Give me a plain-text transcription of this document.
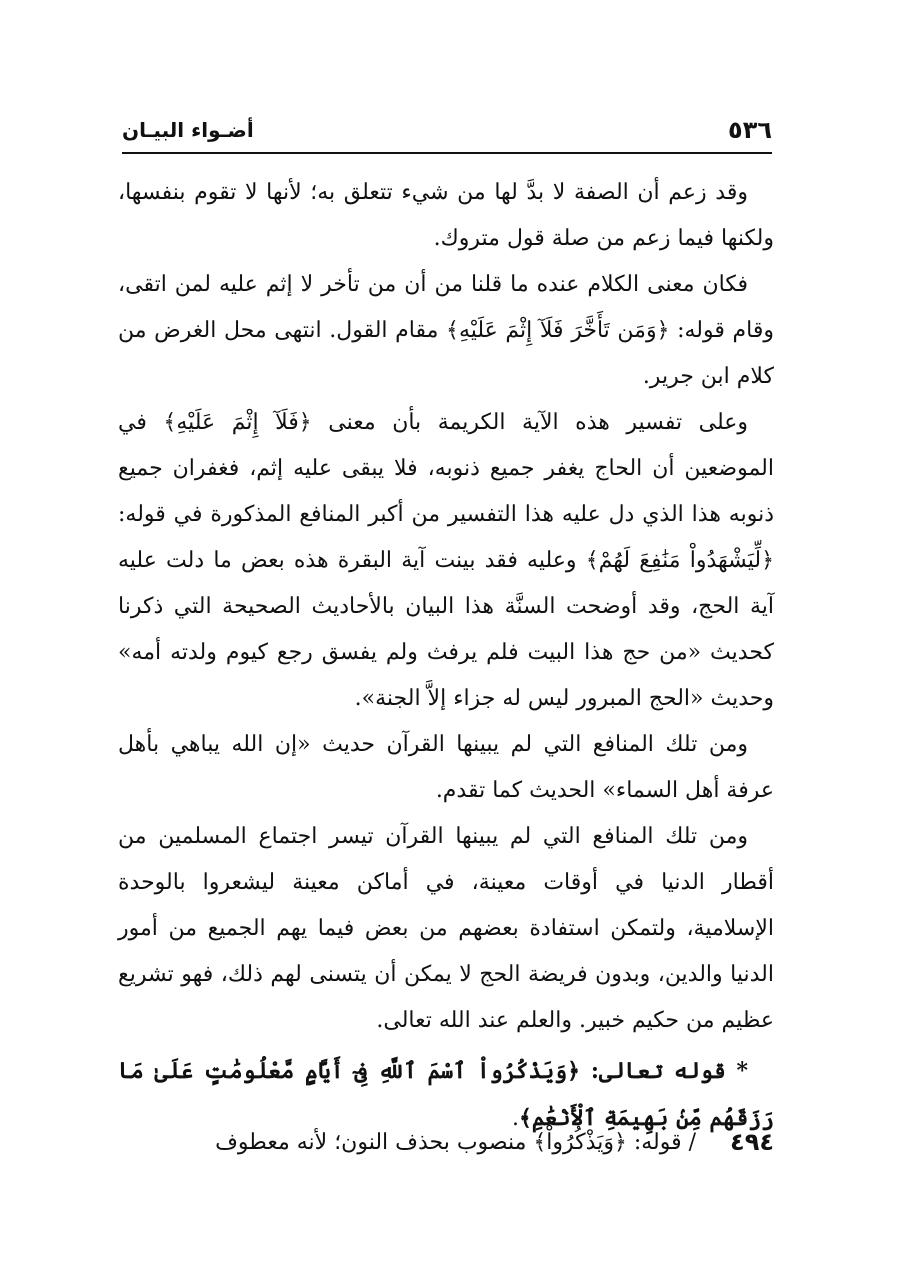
٥٣٦
أضـواء البيـان

وقد زعم أن الصفة لا بدَّ لها من شيء تتعلق به؛ لأنها لا تقوم بنفسها، ولكنها فيما زعم من صلة قول متروك.

فكان معنى الكلام عنده ما قلنا من أن من تأخر لا إثم عليه لمن اتقى، وقام قوله: ﴿وَمَن تَأَخَّرَ فَلَآ إِثْمَ عَلَيْهِ﴾ مقام القول. انتهى محل الغرض من كلام ابن جرير.

وعلى تفسير هذه الآية الكريمة بأن معنى ﴿فَلَآ إِثْمَ عَلَيْهِ﴾ في الموضعين أن الحاج يغفر جميع ذنوبه، فلا يبقى عليه إثم، فغفران جميع ذنوبه هذا الذي دل عليه هذا التفسير من أكبر المنافع المذكورة في قوله: ﴿لِّيَشْهَدُواْ مَنَٰفِعَ لَهُمْ﴾ وعليه فقد بينت آية البقرة هذه بعض ما دلت عليه آية الحج، وقد أوضحت السنَّة هذا البيان بالأحاديث الصحيحة التي ذكرنا كحديث «من حج هذا البيت فلم يرفث ولم يفسق رجع كيوم ولدته أمه» وحديث «الحج المبرور ليس له جزاء إلاَّ الجنة».

ومن تلك المنافع التي لم يبينها القرآن حديث «إن الله يباهي بأهل عرفة أهل السماء» الحديث كما تقدم.

ومن تلك المنافع التي لم يبينها القرآن تيسر اجتماع المسلمين من أقطار الدنيا في أوقات معينة، في أماكن معينة ليشعروا بالوحدة الإسلامية، ولتمكن استفادة بعضهم من بعض فيما يهم الجميع من أمور الدنيا والدين، وبدون فريضة الحج لا يمكن أن يتسنى لهم ذلك، فهو تشريع عظيم من حكيم خبير. والعلم عند الله تعالى.

* قوله تعالى: ﴿وَيَذْكُرُواْ ٱسْمَ ٱللَّهِ فِىٓ أَيَّامٍ مَّعْلُومَٰتٍ عَلَىٰ مَا رَزَقَهُم مِّنۢ بَهِيمَةِ ٱلْأَنْعَٰمِ﴾.

٤٩٤
/ قوله: ﴿وَيَذْكُرُواْ﴾ منصوب بحذف النون؛ لأنه معطوف
